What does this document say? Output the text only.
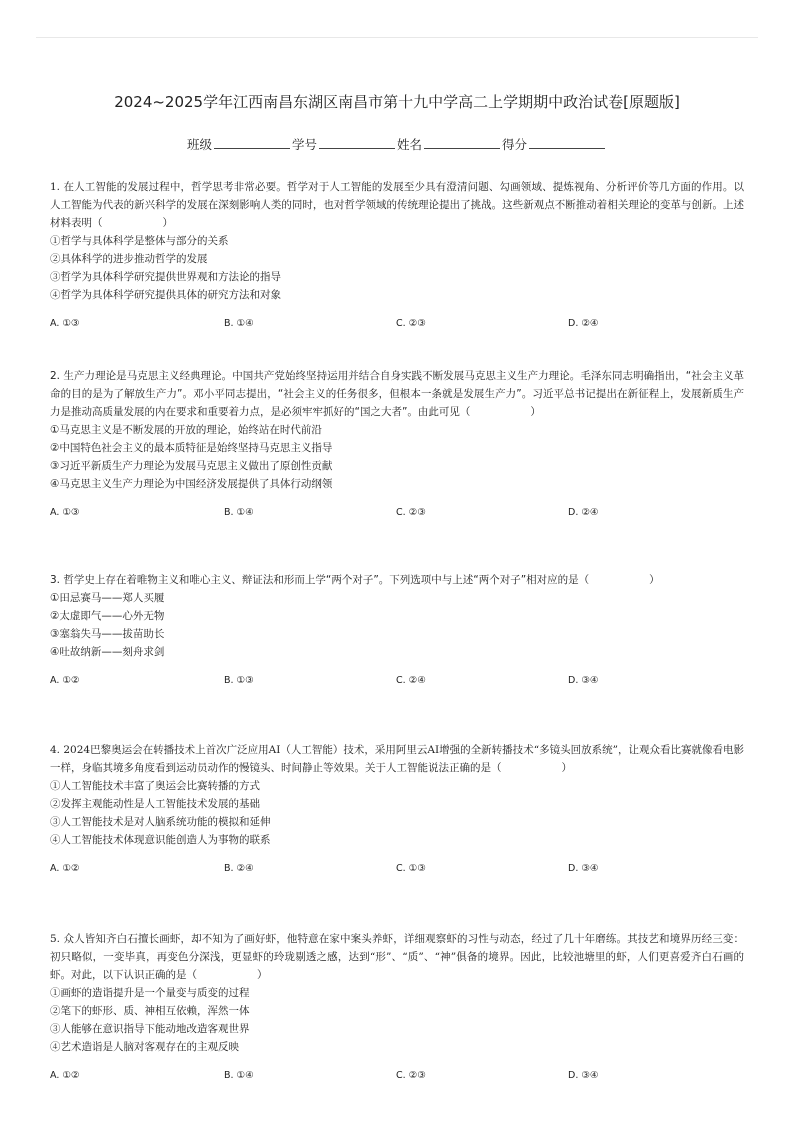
2024~2025学年江西南昌东湖区南昌市第十九中学高二上学期期中政治试卷[原题版]
班级	学号	姓名	得分
1. 在人工智能的发展过程中，哲学思考非常必要。哲学对于人工智能的发展至少具有澄清问题、勾画领域、提炼视角、分析评价等几方面的作用。以人工智能为代表的新兴科学的发展在深刻影响人类的同时，也对哲学领域的传统理论提出了挑战。这些新观点不断推动着相关理论的变革与创新。上述材料表明（	）
①哲学与具体科学是整体与部分的关系
②具体科学的进步推动哲学的发展
③哲学为具体科学研究提供世界观和方法论的指导
④哲学为具体科学研究提供具体的研究方法和对象
A. ①③	B. ①④	C. ②③	D. ②④
2. 生产力理论是马克思主义经典理论。中国共产党始终坚持运用并结合自身实践不断发展马克思主义生产力理论。毛泽东同志明确指出，“社会主义革命的目的是为了解放生产力”。邓小平同志提出，“社会主义的任务很多，但根本一条就是发展生产力”。习近平总书记提出在新征程上，发展新质生产力是推动高质量发展的内在要求和重要着力点，是必须牢牢抓好的“国之大者”。由此可见（	）
①马克思主义是不断发展的开放的理论，始终站在时代前沿
②中国特色社会主义的最本质特征是始终坚持马克思主义指导
③习近平新质生产力理论为发展马克思主义做出了原创性贡献
④马克思主义生产力理论为中国经济发展提供了具体行动纲领
A. ①③	B. ①④	C. ②③	D. ②④
3. 哲学史上存在着唯物主义和唯心主义、辩证法和形而上学“两个对子”。下列选项中与上述“两个对子”相对应的是（	）
①田忌赛马——郑人买履
②太虚即气——心外无物
③塞翁失马——拔苗助长
④吐故纳新——刻舟求剑
A. ①②	B. ①③	C. ②④	D. ③④
4. 2024巴黎奥运会在转播技术上首次广泛应用AI（人工智能）技术，采用阿里云AI增强的全新转播技术“多镜头回放系统”，让观众看比赛就像看电影一样，身临其境多角度看到运动员动作的慢镜头、时间静止等效果。关于人工智能说法正确的是（	）
①人工智能技术丰富了奥运会比赛转播的方式
②发挥主观能动性是人工智能技术发展的基础
③人工智能技术是对人脑系统功能的模拟和延伸
④人工智能技术体现意识能创造人为事物的联系
A. ①②	B. ②④	C. ①③	D. ③④
5. 众人皆知齐白石擅长画虾，却不知为了画好虾，他特意在家中案头养虾，详细观察虾的习性与动态，经过了几十年磨练。其技艺和境界历经三变：初只略似，一变毕真，再变色分深浅，更显虾的玲珑剔透之感，达到“形”、“质”、“神”俱备的境界。因此，比较池塘里的虾，人们更喜爱齐白石画的虾。对此，以下认识正确的是（	）
①画虾的造诣提升是一个量变与质变的过程
②笔下的虾形、质、神相互依赖，浑然一体
③人能够在意识指导下能动地改造客观世界
④艺术造诣是人脑对客观存在的主观反映
A. ①②	B. ①④	C. ②③	D. ③④
